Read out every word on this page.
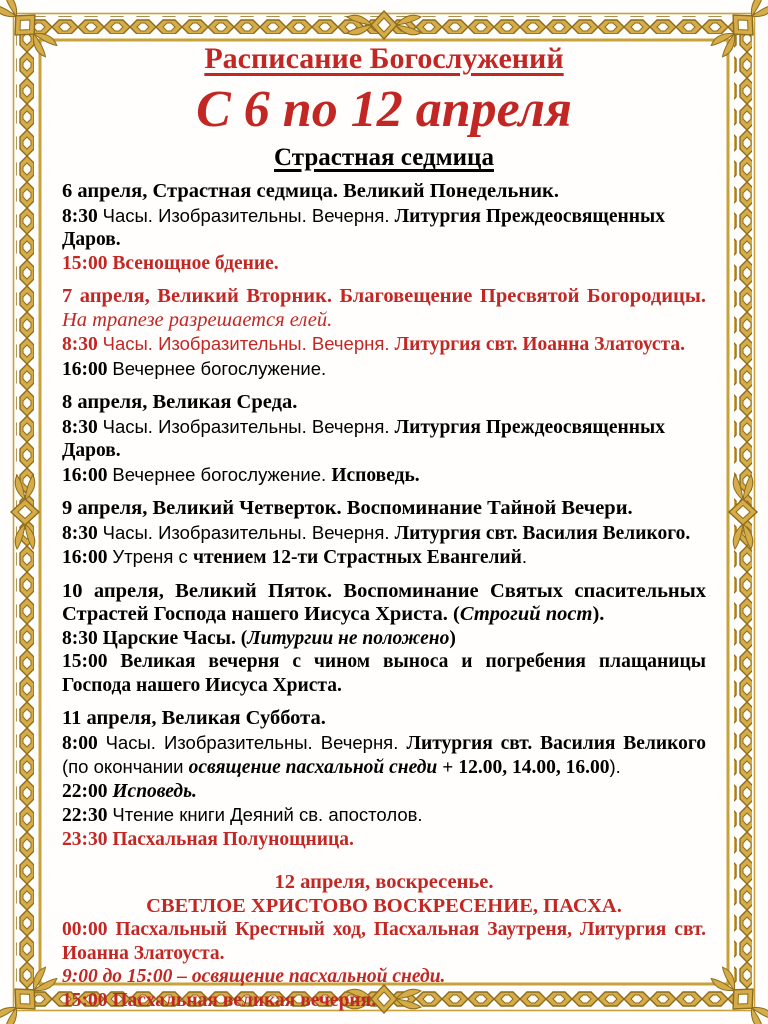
Расписание Богослужений

С 6 по 12 апреля

Страстная седмица

6 апреля, Страстная седмица. Великий Понедельник.

8:30 Часы. Изобразительны. Вечерня. Литургия Преждеосвященных Даров.

15:00 Всенощное бдение.

7 апреля, Великий Вторник. Благовещение Пресвятой Богородицы. На трапезе разрешается елей.

8:30 Часы. Изобразительны. Вечерня. Литургия свт. Иоанна Златоуста.

16:00 Вечернее богослужение.

8 апреля, Великая Среда.

8:30 Часы. Изобразительны. Вечерня. Литургия Преждеосвященных Даров.

16:00 Вечернее богослужение. Исповедь.

9 апреля, Великий Четверток. Воспоминание Тайной Вечери.

8:30 Часы. Изобразительны. Вечерня. Литургия свт. Василия Великого.

16:00 Утреня с чтением 12-ти Страстных Евангелий.

10 апреля, Великий Пяток. Воспоминание Святых спасительных Страстей Господа нашего Иисуса Христа. (Строгий пост).

8:30 Царские Часы. (Литургии не положено)

15:00 Великая вечерня с чином выноса и погребения плащаницы Господа нашего Иисуса Христа.

11 апреля, Великая Суббота.

8:00 Часы. Изобразительны. Вечерня. Литургия свт. Василия Великого (по окончании освящение пасхальной снеди + 12.00, 14.00, 16.00).

22:00 Исповедь.

22:30 Чтение книги Деяний св. апостолов.

23:30 Пасхальная Полунощница.

12 апреля, воскресенье.

СВЕТЛОЕ ХРИСТОВО ВОСКРЕСЕНИЕ, ПАСХА.

00:00 Пасхальный Крестный ход, Пасхальная Заутреня, Литургия свт. Иоанна Златоуста.

9:00 до 15:00 – освящение пасхальной снеди.

15:00 Пасхальная великая вечерня.
